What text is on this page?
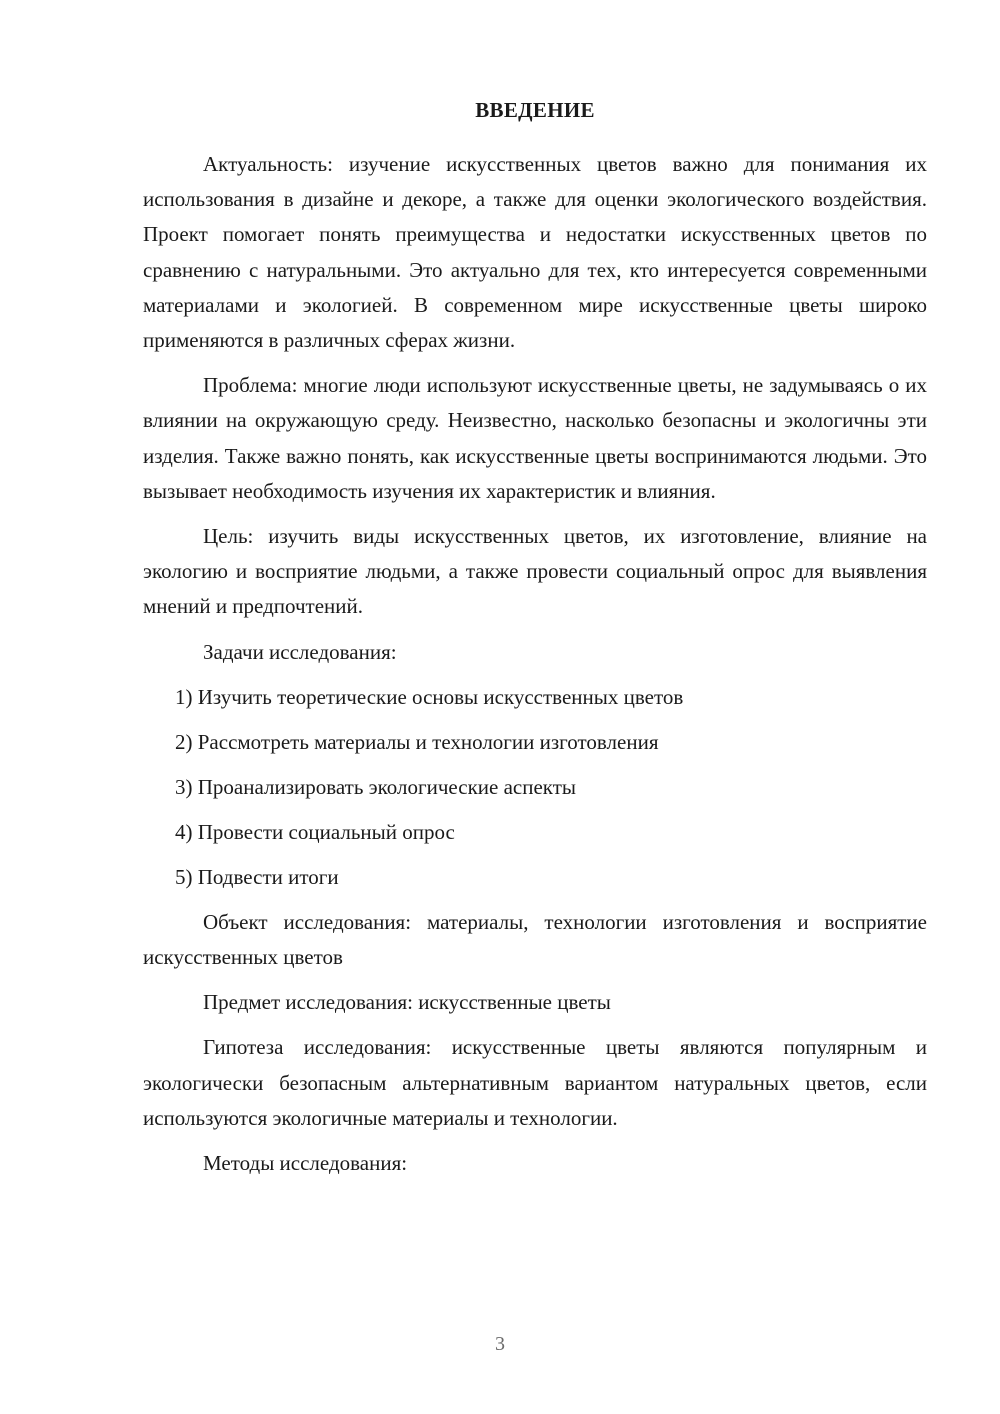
ВВЕДЕНИЕ

Актуальность: изучение искусственных цветов важно для понимания их использования в дизайне и декоре, а также для оценки экологического воздействия. Проект помогает понять преимущества и недостатки искусственных цветов по сравнению с натуральными. Это актуально для тех, кто интересуется современными материалами и экологией. В современном мире искусственные цветы широко применяются в различных сферах жизни.

Проблема: многие люди используют искусственные цветы, не задумываясь о их влиянии на окружающую среду. Неизвестно, насколько безопасны и экологичны эти изделия. Также важно понять, как искусственные цветы воспринимаются людьми. Это вызывает необходимость изучения их характеристик и влияния.

Цель: изучить виды искусственных цветов, их изготовление, влияние на экологию и восприятие людьми, а также провести социальный опрос для выявления мнений и предпочтений.

Задачи исследования:

1) Изучить теоретические основы искусственных цветов
2) Рассмотреть материалы и технологии изготовления
3) Проанализировать экологические аспекты
4) Провести социальный опрос
5) Подвести итоги

Объект исследования: материалы, технологии изготовления и восприятие искусственных цветов

Предмет исследования: искусственные цветы

Гипотеза исследования: искусственные цветы являются популярным и экологически безопасным альтернативным вариантом натуральных цветов, если используются экологичные материалы и технологии.

Методы исследования:

3
